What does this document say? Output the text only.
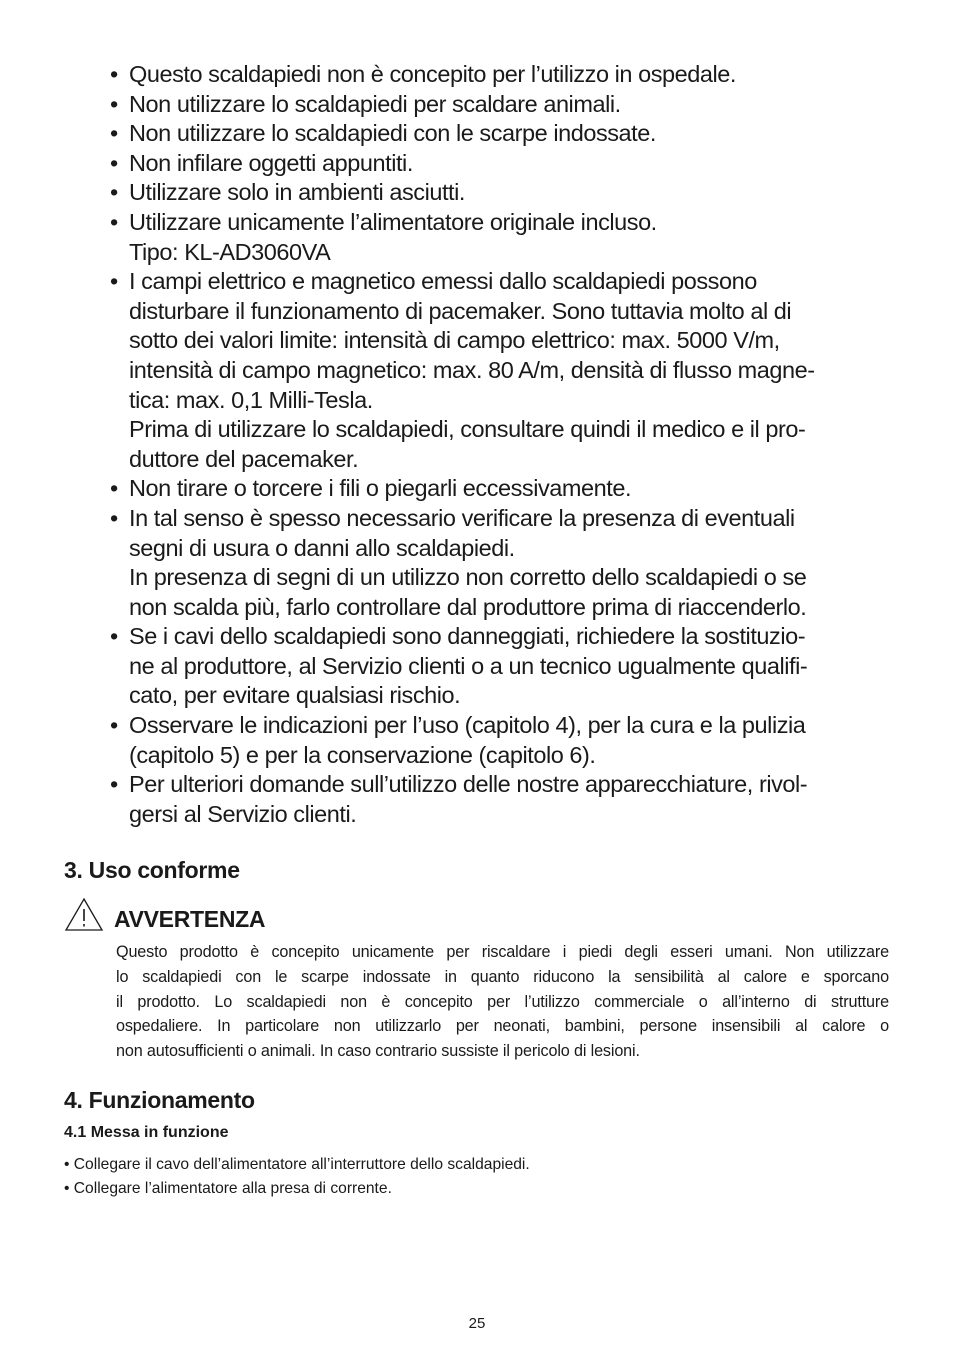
• Questo scaldapiedi non è concepito per l’utilizzo in ospedale.
• Non utilizzare lo scaldapiedi per scaldare animali.
• Non utilizzare lo scaldapiedi con le scarpe indossate.
• Non infilare oggetti appuntiti.
• Utilizzare solo in ambienti asciutti.
• Utilizzare unicamente l’alimentatore originale incluso.
Tipo: KL-AD3060VA
• I campi elettrico e magnetico emessi dallo scaldapiedi possono
disturbare il funzionamento di pacemaker. Sono tuttavia molto al di
sotto dei valori limite: intensità di campo elettrico: max. 5000 V/m,
intensità di campo magnetico: max. 80 A/m, densità di flusso magne-
tica: max. 0,1 Milli-Tesla.
Prima di utilizzare lo scaldapiedi, consultare quindi il medico e il pro-
duttore del pacemaker.
• Non tirare o torcere i fili o piegarli eccessivamente.
• In tal senso è spesso necessario verificare la presenza di eventuali
segni di usura o danni allo scaldapiedi.
In presenza di segni di un utilizzo non corretto dello scaldapiedi o se
non scalda più, farlo controllare dal produttore prima di riaccenderlo.
• Se i cavi dello scaldapiedi sono danneggiati, richiedere la sostituzio-
ne al produttore, al Servizio clienti o a un tecnico ugualmente qualifi-
cato, per evitare qualsiasi rischio.
• Osservare le indicazioni per l’uso (capitolo 4), per la cura e la pulizia
(capitolo 5) e per la conservazione (capitolo 6).
• Per ulteriori domande sull’utilizzo delle nostre apparecchiature, rivol-
gersi al Servizio clienti.
3. Uso conforme
AVVERTENZA
Questo prodotto è concepito unicamente per riscaldare i piedi degli esseri umani. Non utilizzare
lo scaldapiedi con le scarpe indossate in quanto riducono la sensibilità al calore e sporcano
il prodotto. Lo scaldapiedi non è concepito per l’utilizzo commerciale o all’interno di strutture
ospedaliere. In particolare non utilizzarlo per neonati, bambini, persone insensibili al calore o
non autosufficienti o animali. In caso contrario sussiste il pericolo di lesioni.
4. Funzionamento
4.1 Messa in funzione
• Collegare il cavo dell’alimentatore all’interruttore dello scaldapiedi.
• Collegare l’alimentatore alla presa di corrente.
25
